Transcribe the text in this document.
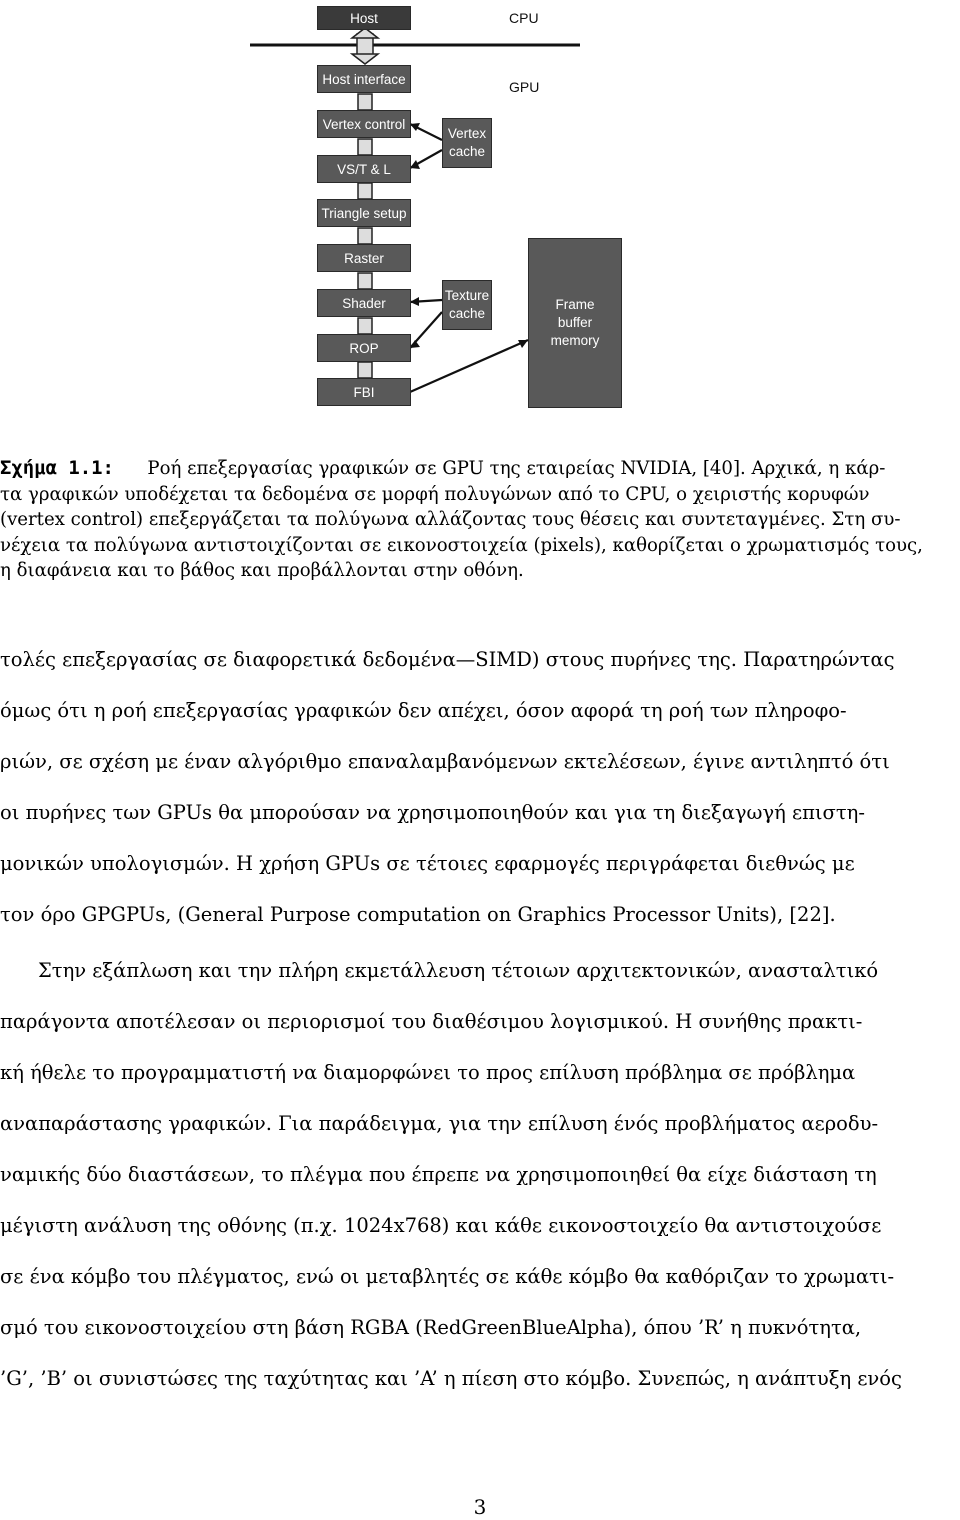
Host
Host interface
Vertex control
VS/T & L
Triangle setup
Raster
Shader
ROP
FBI
Vertex
cache
Texture
cache
Frame
buffer
memory
CPU
GPU
Σχήμα 1.1: Ροή επεξεργασίας γραφικών σε GPU της εταιρείας NVIDIA, [40]. Αρχικά, η κάρ-
τα γραφικών υποδέχεται τα δεδομένα σε μορφή πολυγώνων από το CPU, ο χειριστής κορυφών
(vertex control) επεξεργάζεται τα πολύγωνα αλλάζοντας τους θέσεις και συντεταγμένες. Στη συ-
νέχεια τα πολύγωνα αντιστοιχίζονται σε εικονοστοιχεία (pixels), καθορίζεται ο χρωματισμός τους,
η διαφάνεια και το βάθος και προβάλλονται στην οθόνη.
τολές επεξεργασίας σε διαφορετικά δεδομένα—SIMD) στους πυρήνες της. Παρατηρώντας
όμως ότι η ροή επεξεργασίας γραφικών δεν απέχει, όσον αφορά τη ροή των πληροφο-
ριών, σε σχέση με έναν αλγόριθμο επαναλαμβανόμενων εκτελέσεων, έγινε αντιληπτό ότι
οι πυρήνες των GPUs θα μπορούσαν να χρησιμοποιηθούν και για τη διεξαγωγή επιστη-
μονικών υπολογισμών. Η χρήση GPUs σε τέτοιες εφαρμογές περιγράφεται διεθνώς με
τον όρο GPGPUs, (General Purpose computation on Graphics Processor Units), [22].
Στην εξάπλωση και την πλήρη εκμετάλλευση τέτοιων αρχιτεκτονικών, ανασταλτικό
παράγοντα αποτέλεσαν οι περιορισμοί του διαθέσιμου λογισμικού. Η συνήθης πρακτι-
κή ήθελε το προγραμματιστή να διαμορφώνει το προς επίλυση πρόβλημα σε πρόβλημα
αναπαράστασης γραφικών. Για παράδειγμα, για την επίλυση ένός προβλήματος αεροδυ-
ναμικής δύο διαστάσεων, το πλέγμα που έπρεπε να χρησιμοποιηθεί θα είχε διάσταση τη
μέγιστη ανάλυση της οθόνης (π.χ. 1024x768) και κάθε εικονοστοιχείο θα αντιστοιχούσε
σε ένα κόμβο του πλέγματος, ενώ οι μεταβλητές σε κάθε κόμβο θα καθόριζαν το χρωματι-
σμό του εικονοστοιχείου στη βάση RGBA (RedGreenBlueAlpha), όπου ’R’ η πυκνότητα,
’G’, ’B’ οι συνιστώσες της ταχύτητας και ’A’ η πίεση στο κόμβο. Συνεπώς, η ανάπτυξη ενός
3
